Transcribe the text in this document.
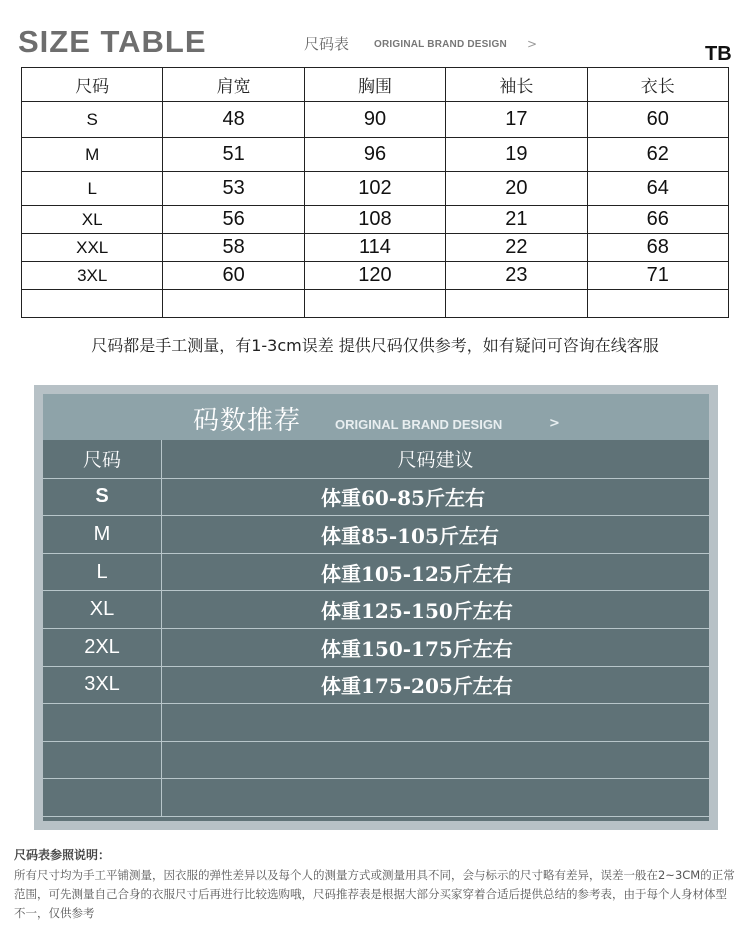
SIZE TABLE	尺码表 ORIGINAL BRAND DESIGN >	TB
尺码	肩宽	胸围	袖长	衣长
S	48	90	17	60
M	51	96	19	62
L	53	102	20	64
XL	56	108	21	66
XXL	58	114	22	68
3XL	60	120	23	71

尺码都是手工测量，有1-3cm误差 提供尺码仅供参考，如有疑问可咨询在线客服
码数推荐	ORIGINAL BRAND DESIGN	>
尺码	尺码建议
S	体重60-85斤左右
M	体重85-105斤左右
L	体重105-125斤左右
XL	体重125-150斤左右
2XL	体重150-175斤左右
3XL	体重175-205斤左右

尺码表参照说明：
所有尺寸均为手工平铺测量，因衣服的弹性差异以及每个人的测量方式或测量用具不同，会与标示的尺寸略有差异，误差一般在2~3CM的正常范围，可先测量自己合身的衣服尺寸后再进行比较选购哦，尺码推荐表是根据大部分买家穿着合适后提供总结的参考表，由于每个人身材体型不一，仅供参考
